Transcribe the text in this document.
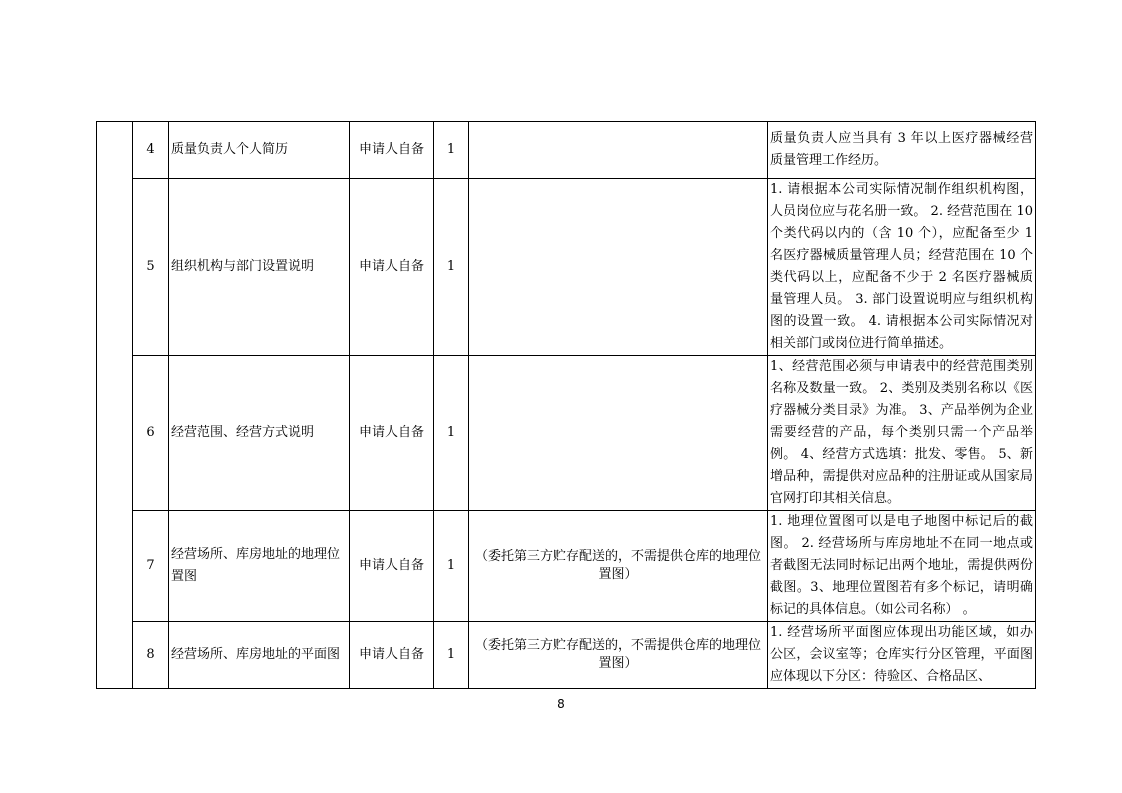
	4	质量负责人个人简历	申请人自备	1		质量负责人应当具有 3 年以上医疗器械经营质量管理工作经历。
	5	组织机构与部门设置说明	申请人自备	1		1. 请根据本公司实际情况制作组织机构图，人员岗位应与花名册一致。 2. 经营范围在 10 个类代码以内的（含 10 个），应配备至少 1 名医疗器械质量管理人员；经营范围在 10 个类代码以上，应配备不少于 2 名医疗器械质量管理人员。 3. 部门设置说明应与组织机构图的设置一致。 4. 请根据本公司实际情况对相关部门或岗位进行简单描述。
	6	经营范围、经营方式说明	申请人自备	1		1、经营范围必须与申请表中的经营范围类别名称及数量一致。 2、类别及类别名称以《医疗器械分类目录》为准。 3、产品举例为企业需要经营的产品，每个类别只需一个产品举例。 4、经营方式选填：批发、零售。 5、新增品种，需提供对应品种的注册证或从国家局官网打印其相关信息。
	7	经营场所、库房地址的地理位置图	申请人自备	1	（委托第三方贮存配送的，不需提供仓库的地理位置图）	1. 地理位置图可以是电子地图中标记后的截图。 2. 经营场所与库房地址不在同一地点或者截图无法同时标记出两个地址，需提供两份截图。3、地理位置图若有多个标记，请明确标记的具体信息。（如公司名称） 。
	8	经营场所、库房地址的平面图	申请人自备	1	（委托第三方贮存配送的，不需提供仓库的地理位置图）	1. 经营场所平面图应体现出功能区域，如办公区，会议室等；仓库实行分区管理，平面图应体现以下分区：待验区、合格品区、
8
